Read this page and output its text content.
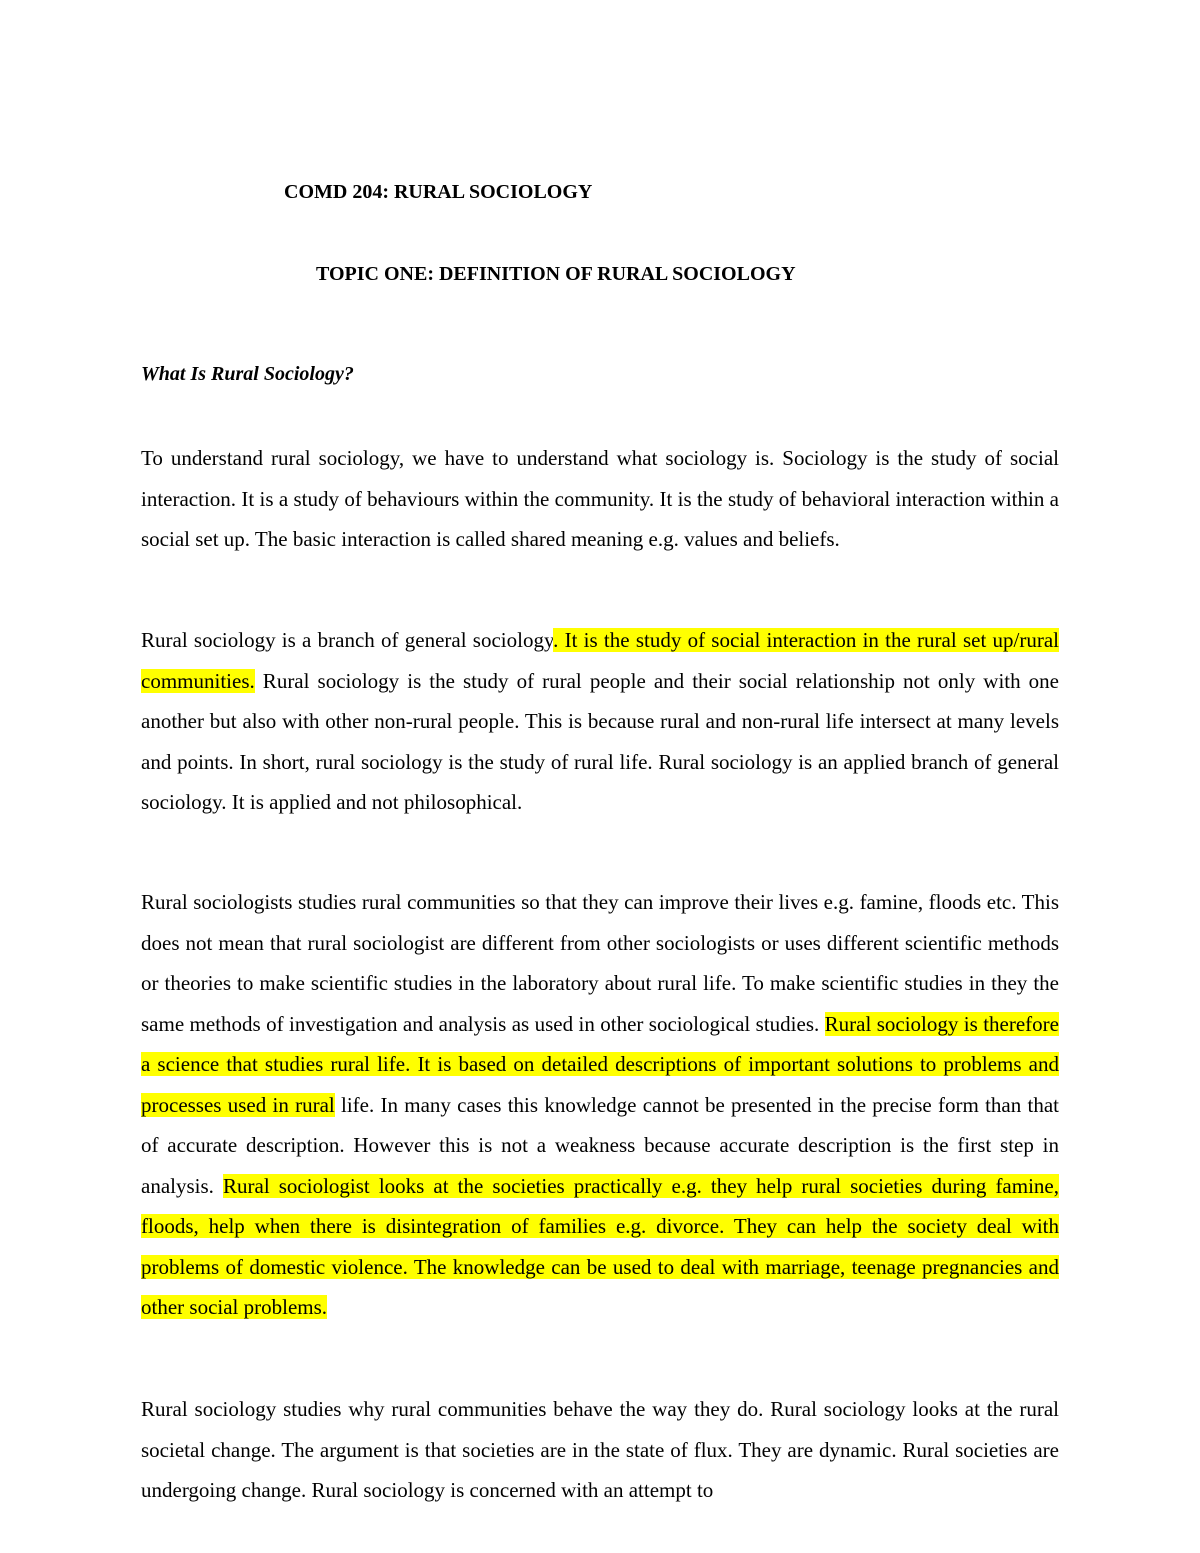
COMD 204: RURAL SOCIOLOGY
TOPIC ONE: DEFINITION OF RURAL SOCIOLOGY
What Is Rural Sociology?

To understand rural sociology, we have to understand what sociology is. Sociology is the study of social interaction. It is a study of behaviours within the community. It is the study of behavioral interaction within a social set up. The basic interaction is called shared meaning e.g. values and beliefs.

Rural sociology is a branch of general sociology. It is the study of social interaction in the rural set up/rural communities. Rural sociology is the study of rural people and their social relationship not only with one another but also with other non-rural people. This is because rural and non-rural life intersect at many levels and points. In short, rural sociology is the study of rural life. Rural sociology is an applied branch of general sociology. It is applied and not philosophical.

Rural sociologists studies rural communities so that they can improve their lives e.g. famine, floods etc. This does not mean that rural sociologist are different from other sociologists or uses different scientific methods or theories to make scientific studies in the laboratory about rural life. To make scientific studies in they the same methods of investigation and analysis as used in other sociological studies. Rural sociology is therefore a science that studies rural life. It is based on detailed descriptions of important solutions to problems and processes used in rural life. In many cases this knowledge cannot be presented in the precise form than that of accurate description. However this is not a weakness because accurate description is the first step in analysis. Rural sociologist looks at the societies practically e.g. they help rural societies during famine, floods, help when there is disintegration of families e.g. divorce. They can help the society deal with problems of domestic violence. The knowledge can be used to deal with marriage, teenage pregnancies and other social problems.

Rural sociology studies why rural communities behave the way they do. Rural sociology looks at the rural societal change. The argument is that societies are in the state of flux. They are dynamic. Rural societies are undergoing change. Rural sociology is concerned with an attempt to
